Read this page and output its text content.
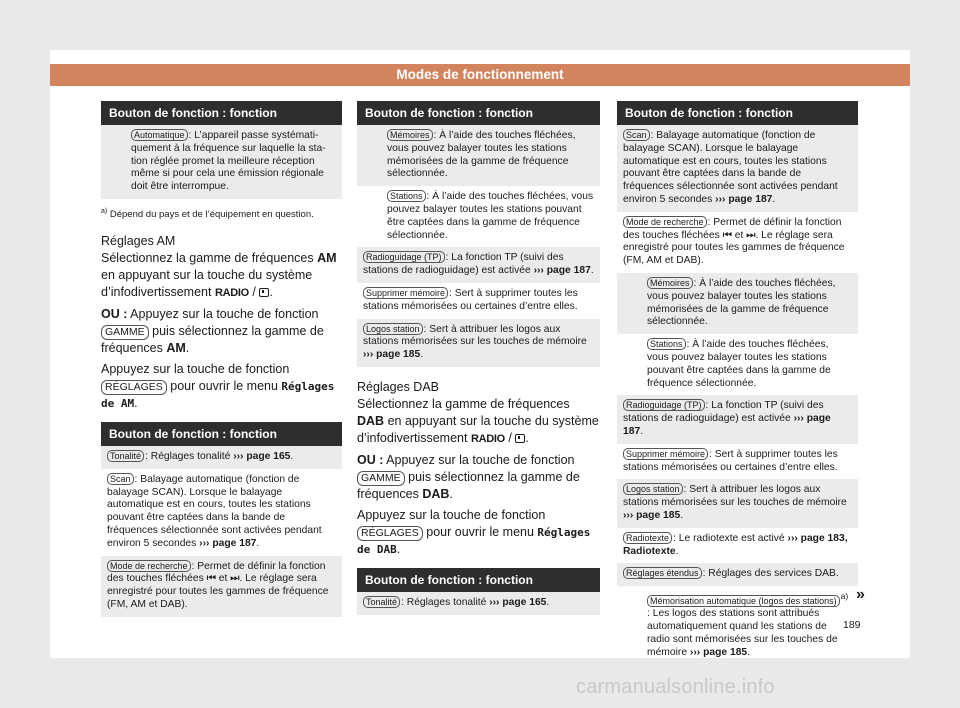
Modes de fonctionnement
Bouton de fonction : fonction
Automatique : L’appareil passe systématiquement à la fréquence sur laquelle la station réglée promet la meilleure réception même si pour cela une émission régionale doit être interrompue.
$^{a)}$ Dépend du pays et de l’équipement en question.
Réglages AM

Sélectionnez la gamme de fréquences AM en appuyant sur la touche du système d’infodivertissement RADIO / .

OU : Appuyez sur la touche de fonction GAMME puis sélectionnez la gamme de fréquences AM.

Appuyez sur la touche de fonction RÉGLAGES pour ouvrir le menu Réglages de AM.

Bouton de fonction : fonction
Tonalité : Réglages tonalité ››› page 165.
Scan : Balayage automatique (fonction de balayage SCAN). Lorsque le balayage automatique est en cours, toutes les stations pouvant être captées dans la bande de fréquences sélectionnée sont activées pendant environ 5 secondes ››› page 187.
Mode de recherche : Permet de définir la fonction des touches fléchées ⏮ et ⏭. Le réglage sera enregistré pour toutes les gammes de fréquence (FM, AM et DAB).
Bouton de fonction : fonction
Mémoires : À l’aide des touches fléchées, vous pouvez balayer toutes les stations mémorisées de la gamme de fréquence sélectionnée.
Stations : À l’aide des touches fléchées, vous pouvez balayer toutes les stations pouvant être captées dans la gamme de fréquence sélectionnée.
Radioguidage (TP) : La fonction TP (suivi des stations de radioguidage) est activée ››› page 187.
Supprimer mémoire : Sert à supprimer toutes les stations mémorisées ou certaines d’entre elles.
Logos station : Sert à attribuer les logos aux stations mémorisées sur les touches de mémoire ››› page 185.
Réglages DAB

Sélectionnez la gamme de fréquences DAB en appuyant sur la touche du système d’infodivertissement RADIO / .

OU : Appuyez sur la touche de fonction GAMME puis sélectionnez la gamme de fréquences DAB.

Appuyez sur la touche de fonction RÉGLAGES pour ouvrir le menu Réglages de DAB.

Bouton de fonction : fonction
Tonalité : Réglages tonalité ››› page 165.
Bouton de fonction : fonction
Scan : Balayage automatique (fonction de balayage SCAN). Lorsque le balayage automatique est en cours, toutes les stations pouvant être captées dans la bande de fréquences sélectionnée sont activées pendant environ 5 secondes ››› page 187.
Mode de recherche : Permet de définir la fonction des touches fléchées ⏮ et ⏭. Le réglage sera enregistré pour toutes les gammes de fréquence (FM, AM et DAB).
Mémoires : À l’aide des touches fléchées, vous pouvez balayer toutes les stations mémorisées de la gamme de fréquence sélectionnée.
Stations : À l’aide des touches fléchées, vous pouvez balayer toutes les stations pouvant être captées dans la gamme de fréquence sélectionnée.
Radioguidage (TP) : La fonction TP (suivi des stations de radioguidage) est activée ››› page 187.
Supprimer mémoire : Sert à supprimer toutes les stations mémorisées ou certaines d’entre elles.
Logos station : Sert à attribuer les logos aux stations mémorisées sur les touches de mémoire ››› page 185.
Radiotexte : Le radiotexte est activé ››› page 183, Radiotexte.
Réglages étendus : Réglages des services DAB.
Mémorisation automatique (logos des stations) $^{a)}$ : Les logos des stations sont attribués automatiquement quand les stations de radio sont mémorisées sur les touches de mémoire ››› page 185.
»
189
carmanualsonline.info
